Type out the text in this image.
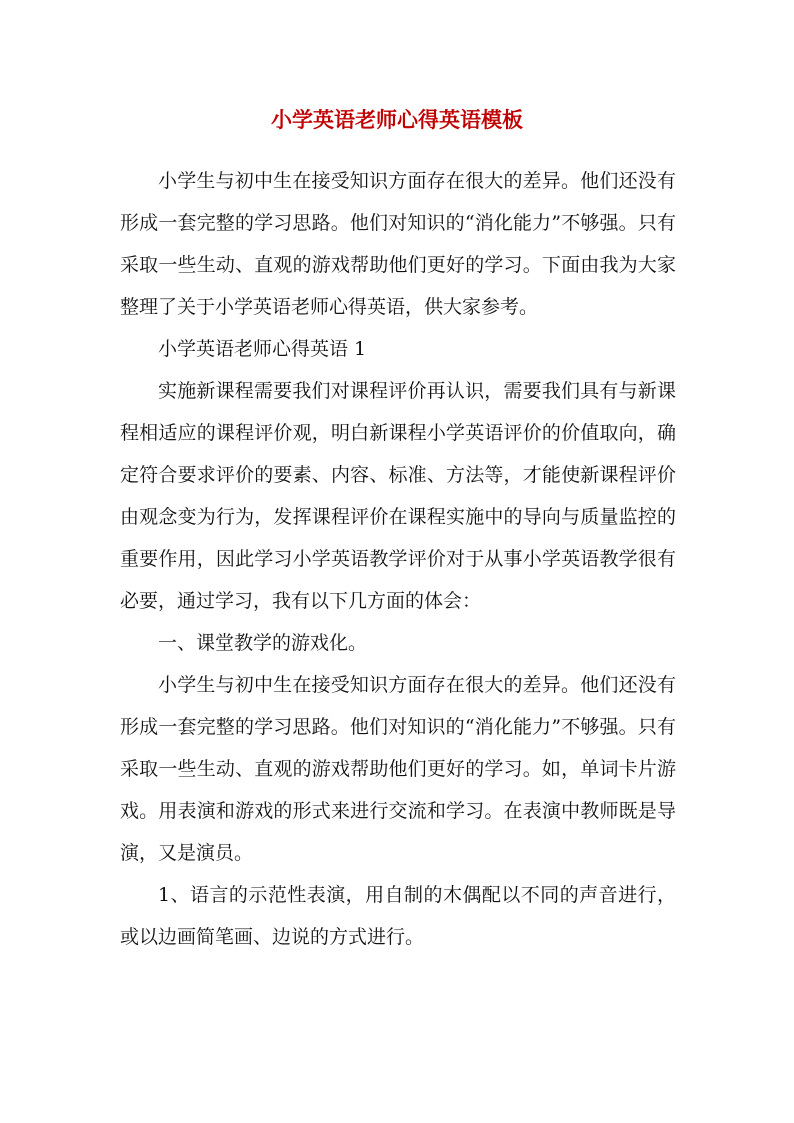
小学英语老师心得英语模板

小学生与初中生在接受知识方面存在很大的差异。他们还没有形成一套完整的学习思路。他们对知识的“消化能力”不够强。只有采取一些生动、直观的游戏帮助他们更好的学习。下面由我为大家整理了关于小学英语老师心得英语，供大家参考。

小学英语老师心得英语 1

实施新课程需要我们对课程评价再认识，需要我们具有与新课程相适应的课程评价观，明白新课程小学英语评价的价值取向，确定符合要求评价的要素、内容、标准、方法等，才能使新课程评价由观念变为行为，发挥课程评价在课程实施中的导向与质量监控的重要作用，因此学习小学英语教学评价对于从事小学英语教学很有必要，通过学习，我有以下几方面的体会：

一、课堂教学的游戏化。

小学生与初中生在接受知识方面存在很大的差异。他们还没有形成一套完整的学习思路。他们对知识的“消化能力”不够强。只有采取一些生动、直观的游戏帮助他们更好的学习。如，单词卡片游戏。用表演和游戏的形式来进行交流和学习。在表演中教师既是导演，又是演员。

1、语言的示范性表演，用自制的木偶配以不同的声音进行，或以边画简笔画、边说的方式进行。
